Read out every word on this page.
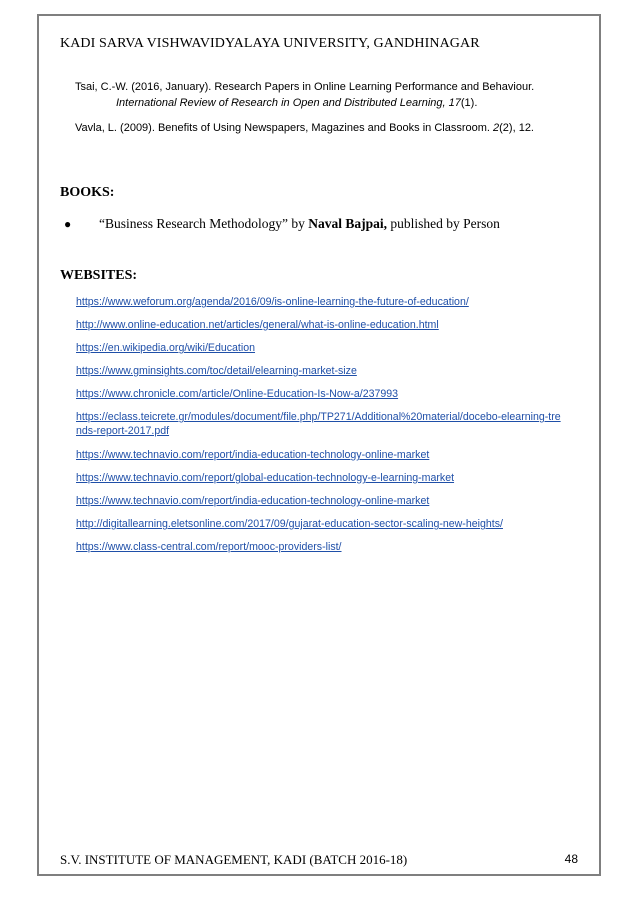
KADI SARVA VISHWAVIDYALAYA UNIVERSITY, GANDHINAGAR
Tsai, C.-W. (2016, January). Research Papers in Online Learning Performance and Behaviour.
International Review of Research in Open and Distributed Learning, 17(1).
Vavla, L. (2009). Benefits of Using Newspapers, Magazines and Books in Classroom. 2(2), 12.
BOOKS:
● “Business Research Methodology” by Naval Bajpai, published by Person
WEBSITES:
https://www.weforum.org/agenda/2016/09/is-online-learning-the-future-of-education/
http://www.online-education.net/articles/general/what-is-online-education.html
https://en.wikipedia.org/wiki/Education
https://www.gminsights.com/toc/detail/elearning-market-size
https://www.chronicle.com/article/Online-Education-Is-Now-a/237993
https://eclass.teicrete.gr/modules/document/file.php/TP271/Additional%20material/docebo-elearning-trends-report-2017.pdf
https://www.technavio.com/report/india-education-technology-online-market
https://www.technavio.com/report/global-education-technology-e-learning-market
https://www.technavio.com/report/india-education-technology-online-market
http://digitallearning.eletsonline.com/2017/09/gujarat-education-sector-scaling-new-heights/
https://www.class-central.com/report/mooc-providers-list/
S.V. INSTITUTE OF MANAGEMENT, KADI (BATCH 2016-18)	48
